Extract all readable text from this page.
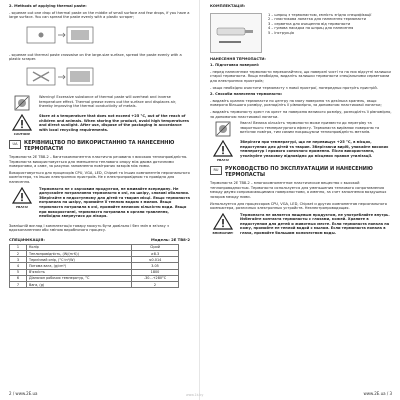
2. Methods of applying thermal paste:

- squeeze out one drop of thermal paste on the middle of small surface and few drops, if you have a large surface. You can spread the paste evenly with a plastic scraper;

- squeeze out thermal paste crosswise on the large-size surface, spread the paste evenly with a plastic scraper.

Warning! Excessive substance of thermal paste will overheat and inverse temperature effect. Thermal grease evens out the surface and displaces air, thereby improving the thermal conductivity of metals.

CAUTION!

Store at a temperature that does not exceed +25 °C, out of the reach of children and animals. When storing the product, avoid high temperatures and direct sunlight. After use, dispose of the packaging in accordance with local recycling requirements.

UA	КЕРІВНИЦТВО ПО ВИКОРИСТАННЮ ТА НАНЕСЕННЮ ТЕРМОПАСТИ

Термопаста 2E ТВ8-2 – багатокомпонентна пластична речовина з високою теплопровідністю. Термопаста використовується для зменшення теплового опору між двома дотичними поверхнями, а саме, за рахунок заповнення повітряних зазорів між ними.

Використовується для процесорів CPU, VGA, LED, Chipset та інших компонентів персонального комп'ютера, та інших електронних пристроїв. Не є електропровідною та провідна для нанесення.

УВАГА!

Термопаста не є харчовим продуктом, не вживайте всередину. Не допускайте потрапляння термопасти в очі, на шкіру, слизові оболонки. Зберігайте в недоступному для дітей та тварин місці. Якщо термопаста потрапила на шкіру, промийте її теплою водою з милом. Якщо термопаста потрапила в очі, промийте великою кількістю води. Якщо при використанні, термопаста потрапила в органи травлення, необхідно звернутися до лікаря.

Зовнішній вигляд і комплектація товару можуть бути довільно і без змін в зв'язку з вдосконаленням або зміною виробничого процесу.

СПЕЦИФІКАЦІЯ:	Модель: 2E ТВ8-2
1	Колір	Сірий
2	Теплопровідність, (W/(m·K))	≥8.3
3	Термічний опір, (°C·in²/W)	≤0.014
4	Питома вага, (g/cm³)	3.05
5	В'язкість	1800
6	Діапазон робочих температур, °C	-30...+280°C
7	Вага, (g)	2

КОМПЛЕКТАЦІЯ:

1 – шприц з термопастою, ємність згідно специфікації
2 – пластикова лопатка для нанесення термопасти
3 – серветка для очищення від термопасти
4 – гумова насадка на шприц для нанесення
5 – інструкція

НАНЕСЕННЯ ТЕРМОПАСТИ:

1. Підготовка поверхні:

- перед нанесенням термопасти переконайтеся, що поверхні чисті та на них відсутні залишки старої термопасти. Якщо необхідно, видаліть залишки термопасти спеціальними серветками для електронних пристроїв;

- якщо необхідно очистити термопасту з нової пристрої, попередньо протріть пристрій.

2. Способи нанесення термопасти:

- видавіть краплю термопасти по центру на малу поверхню та декілька крапель, якщо поверхня більшого розміру, розподіліть її рівномірно, за допомогою пластикової лопатки;

- видавіть термопасту хрест на хрест на поверхню великого розміру, розподіліть її рівномірно, за допомогою пластикової лопатки.

Увага! Велика кількість термопасти може призвести до перегріву та зворотнього температурного ефекту. Термопаста вирівнює поверхню та витісняє повітря, тим самим покращуючи теплопровідність металів.

УВАГА!

Зберігати при температурі, що не перевищує +25 °C, в місцях, недоступних для дітей та тварин. Зберігаючи виріб, уникайте високих температур і прямого сонячного промення. Після використання, утилізуйте упаковку відповідно до місцевих правил утилізації.

RU	РУКОВОДСТВО ПО ЭКСПЛУАТАЦИИ И НАНЕСЕНИЮ ТЕРМОПАСТЫ

Термопаста 2E ТВ8-2 – многокомпонентное пластическое вещество с высокой теплопроводностью. Термопаста используется для уменьшения теплового сопротивления между двумя соприкасающимися поверхностями, а именно, за счет заполнения воздушных зазоров между ними.

Используется для процессоров CPU, VGA, LED, Chipset и других компонентов персонального компьютера, различных электронных устройств. Неэлектропроводящая.

ВНИМАНИЕ!

Термопаста не является пищевым продуктом, не употребляйте внутрь. Избегайте контакта термопасты с глазами, кожей. Храните в недоступном для детей и животных месте. Если термопаста попала на кожу, промойте ее теплой водой с мылом. Если термопаста попала в глаза, промойте большим количеством воды.

2 / www.2E.ua	www.2E.ua / 3
www.1k.by
